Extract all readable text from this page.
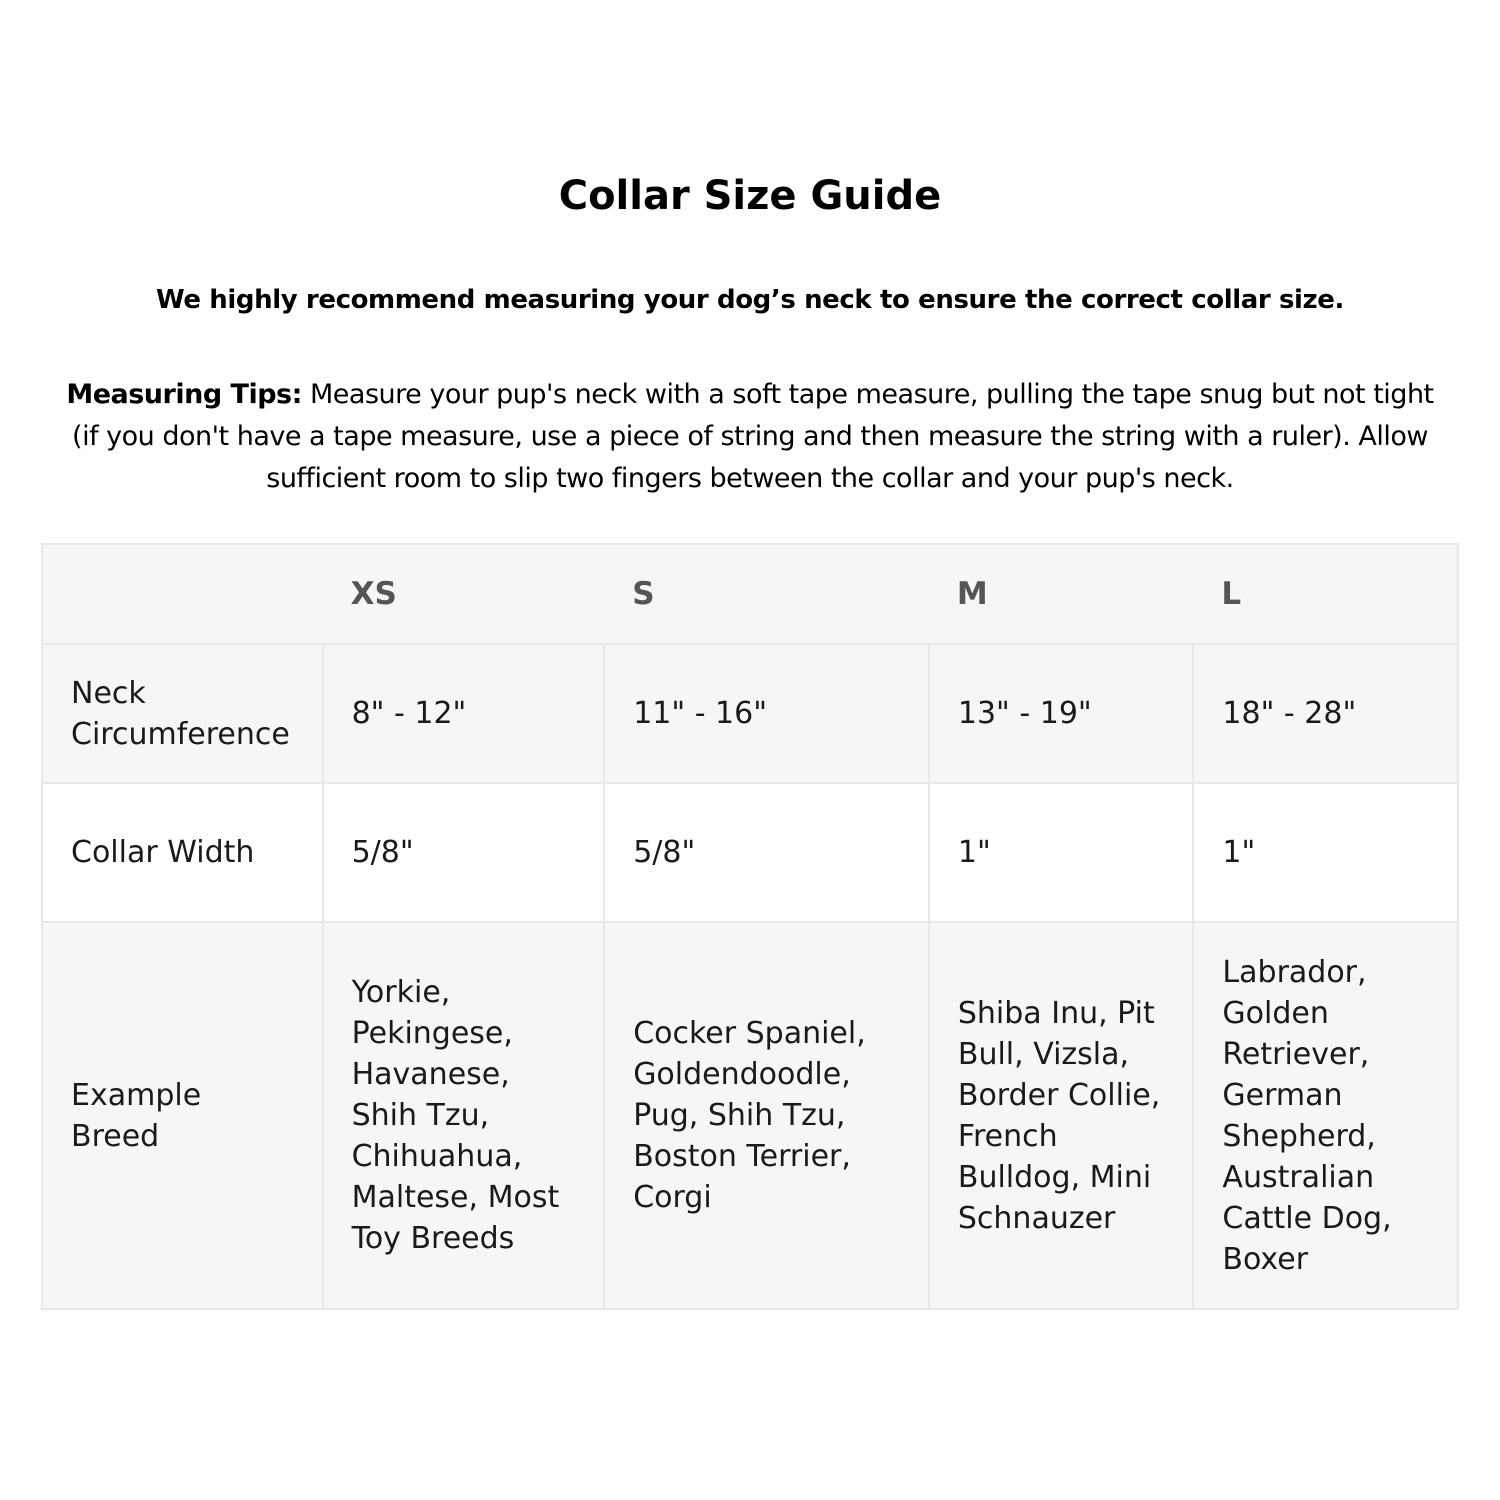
Collar Size Guide

We highly recommend measuring your dog’s neck to ensure the correct collar size.

Measuring Tips: Measure your pup's neck with a soft tape measure, pulling the tape snug but not tight (if you don't have a tape measure, use a piece of string and then measure the string with a ruler). Allow sufficient room to slip two fingers between the collar and your pup's neck.

	XS	S	M	L
Neck Circumference	8" - 12"	11" - 16"	13" - 19"	18" - 28"
Collar Width	5/8"	5/8"	1"	1"
Example Breed	Yorkie, Pekingese, Havanese, Shih Tzu, Chihuahua, Maltese, Most Toy Breeds	Cocker Spaniel, Goldendoodle, Pug, Shih Tzu, Boston Terrier, Corgi	Shiba Inu, Pit Bull, Vizsla, Border Collie, French Bulldog, Mini Schnauzer	Labrador, Golden Retriever, German Shepherd, Australian Cattle Dog, Boxer
